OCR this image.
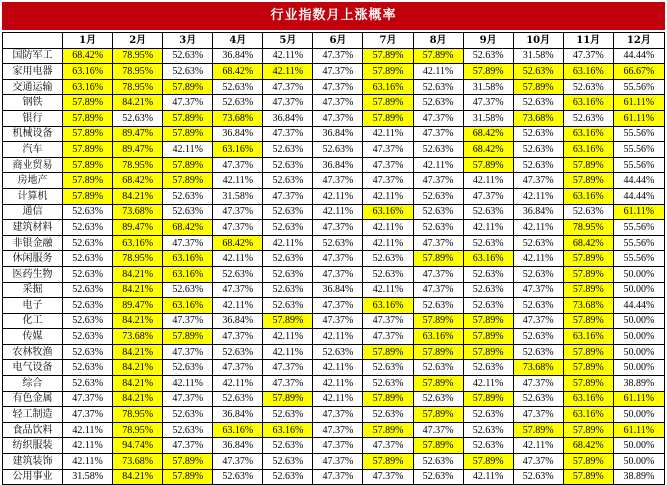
行业指数月上涨概率
	1月	2月	3月	4月	5月	6月	7月	8月	9月	10月	11月	12月
国防军工	68.42%	78.95%	52.63%	36.84%	42.11%	47.37%	57.89%	57.89%	52.63%	31.58%	47.37%	44.44%
家用电器	63.16%	78.95%	52.63%	68.42%	42.11%	47.37%	57.89%	42.11%	57.89%	52.63%	63.16%	66.67%
交通运输	63.16%	78.95%	57.89%	52.63%	47.37%	47.37%	63.16%	52.63%	31.58%	57.89%	52.63%	55.56%
钢铁	57.89%	84.21%	47.37%	52.63%	47.37%	47.37%	57.89%	52.63%	47.37%	52.63%	63.16%	61.11%
银行	57.89%	52.63%	57.89%	73.68%	36.84%	47.37%	57.89%	47.37%	31.58%	73.68%	52.63%	61.11%
机械设备	57.89%	89.47%	57.89%	36.84%	47.37%	36.84%	42.11%	47.37%	68.42%	52.63%	63.16%	55.56%
汽车	57.89%	89.47%	42.11%	63.16%	52.63%	52.63%	47.37%	52.63%	68.42%	52.63%	63.16%	55.56%
商业贸易	57.89%	78.95%	57.89%	47.37%	52.63%	36.84%	47.37%	42.11%	57.89%	52.63%	57.89%	55.56%
房地产	57.89%	68.42%	57.89%	42.11%	52.63%	47.37%	47.37%	47.37%	42.11%	47.37%	57.89%	44.44%
计算机	57.89%	84.21%	52.63%	31.58%	47.37%	42.11%	42.11%	52.63%	47.37%	42.11%	63.16%	44.44%
通信	52.63%	73.68%	52.63%	47.37%	52.63%	42.11%	63.16%	52.63%	52.63%	36.84%	52.63%	61.11%
建筑材料	52.63%	89.47%	68.42%	47.37%	52.63%	47.37%	42.11%	52.63%	42.11%	42.11%	78.95%	55.56%
非银金融	52.63%	63.16%	47.37%	68.42%	42.11%	52.63%	42.11%	47.37%	52.63%	52.63%	68.42%	55.56%
休闲服务	52.63%	78.95%	63.16%	42.11%	52.63%	47.37%	52.63%	57.89%	63.16%	42.11%	57.89%	55.56%
医药生物	52.63%	84.21%	63.16%	52.63%	52.63%	47.37%	52.63%	47.37%	52.63%	52.63%	57.89%	50.00%
采掘	52.63%	84.21%	52.63%	47.37%	52.63%	36.84%	42.11%	47.37%	52.63%	47.37%	57.89%	50.00%
电子	52.63%	89.47%	63.16%	42.11%	52.63%	47.37%	63.16%	52.63%	52.63%	52.63%	73.68%	44.44%
化工	52.63%	84.21%	47.37%	36.84%	57.89%	47.37%	47.37%	57.89%	57.89%	47.37%	57.89%	50.00%
传媒	52.63%	73.68%	57.89%	47.37%	42.11%	42.11%	47.37%	63.16%	57.89%	52.63%	63.16%	50.00%
农林牧渔	52.63%	84.21%	47.37%	52.63%	42.11%	52.63%	57.89%	57.89%	57.89%	52.63%	57.89%	50.00%
电气设备	52.63%	84.21%	52.63%	47.37%	47.37%	42.11%	52.63%	52.63%	52.63%	73.68%	57.89%	50.00%
综合	52.63%	84.21%	42.11%	42.11%	47.37%	42.11%	52.63%	57.89%	42.11%	47.37%	57.89%	38.89%
有色金属	47.37%	84.21%	47.37%	52.63%	57.89%	42.11%	57.89%	52.63%	57.89%	52.63%	63.16%	61.11%
轻工制造	47.37%	78.95%	52.63%	36.84%	52.63%	47.37%	52.63%	57.89%	52.63%	47.37%	63.16%	50.00%
食品饮料	42.11%	78.95%	52.63%	63.16%	63.16%	47.37%	57.89%	47.37%	52.63%	57.89%	57.89%	61.11%
纺织服装	42.11%	94.74%	47.37%	36.84%	52.63%	47.37%	47.37%	57.89%	52.63%	42.11%	68.42%	50.00%
建筑装饰	42.11%	73.68%	57.89%	47.37%	52.63%	47.37%	57.89%	52.63%	57.89%	47.37%	57.89%	50.00%
公用事业	31.58%	84.21%	57.89%	52.63%	52.63%	47.37%	47.37%	52.63%	42.11%	52.63%	57.89%	38.89%
